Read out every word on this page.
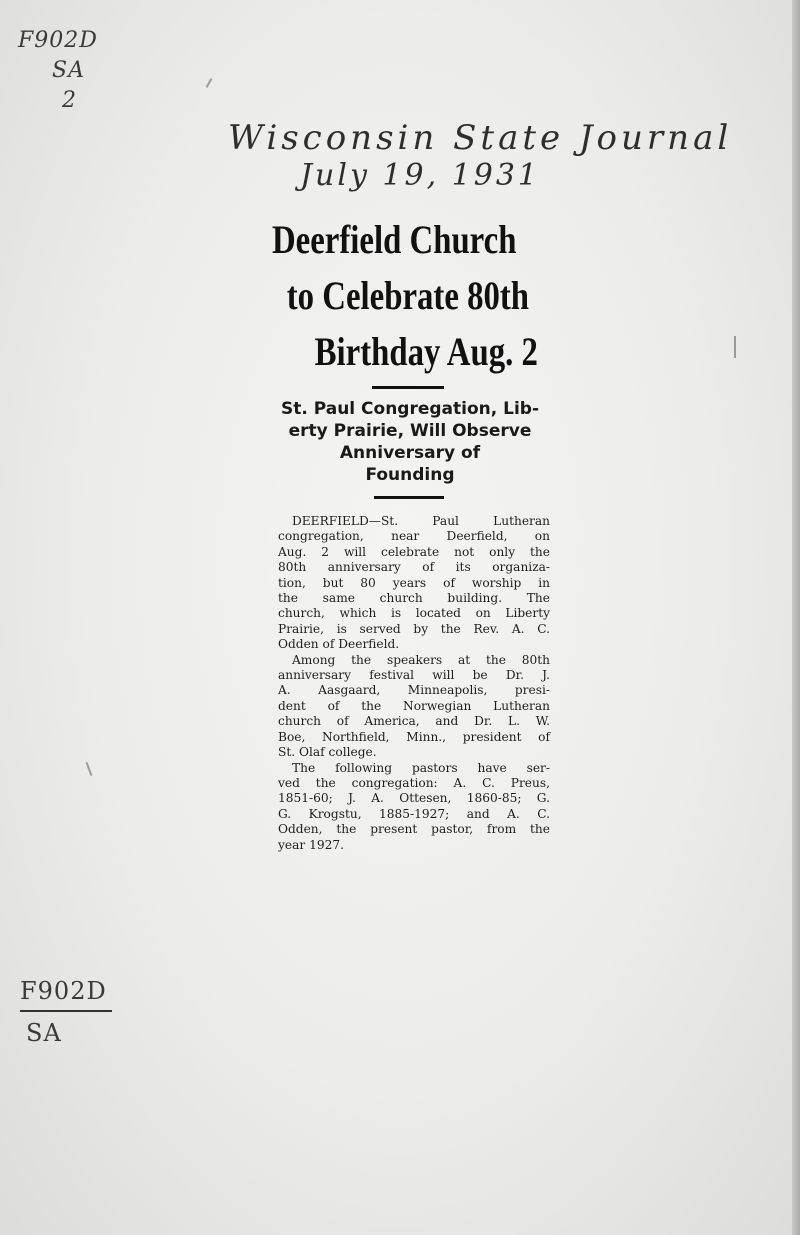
F902D
SA
2
Wisconsin State Journal
July 19, 1931
Deerfield Church
to Celebrate 80th
Birthday Aug. 2
St. Paul Congregation, Lib-
erty Prairie, Will Observe
Anniversary of
Founding
DEERFIELD—St. Paul Lutheran
congregation, near Deerfield, on
Aug. 2 will celebrate not only the
80th anniversary of its organiza-
tion, but 80 years of worship in
the same church building. The
church, which is located on Liberty
Prairie, is served by the Rev. A. C.
Odden of Deerfield.
Among the speakers at the 80th
anniversary festival will be Dr. J.
A. Aasgaard, Minneapolis, presi-
dent of the Norwegian Lutheran
church of America, and Dr. L. W.
Boe, Northfield, Minn., president of
St. Olaf college.
The following pastors have ser-
ved the congregation: A. C. Preus,
1851-60; J. A. Ottesen, 1860-85; G.
G. Krogstu, 1885-1927; and A. C.
Odden, the present pastor, from the
year 1927.
F902D
SA
